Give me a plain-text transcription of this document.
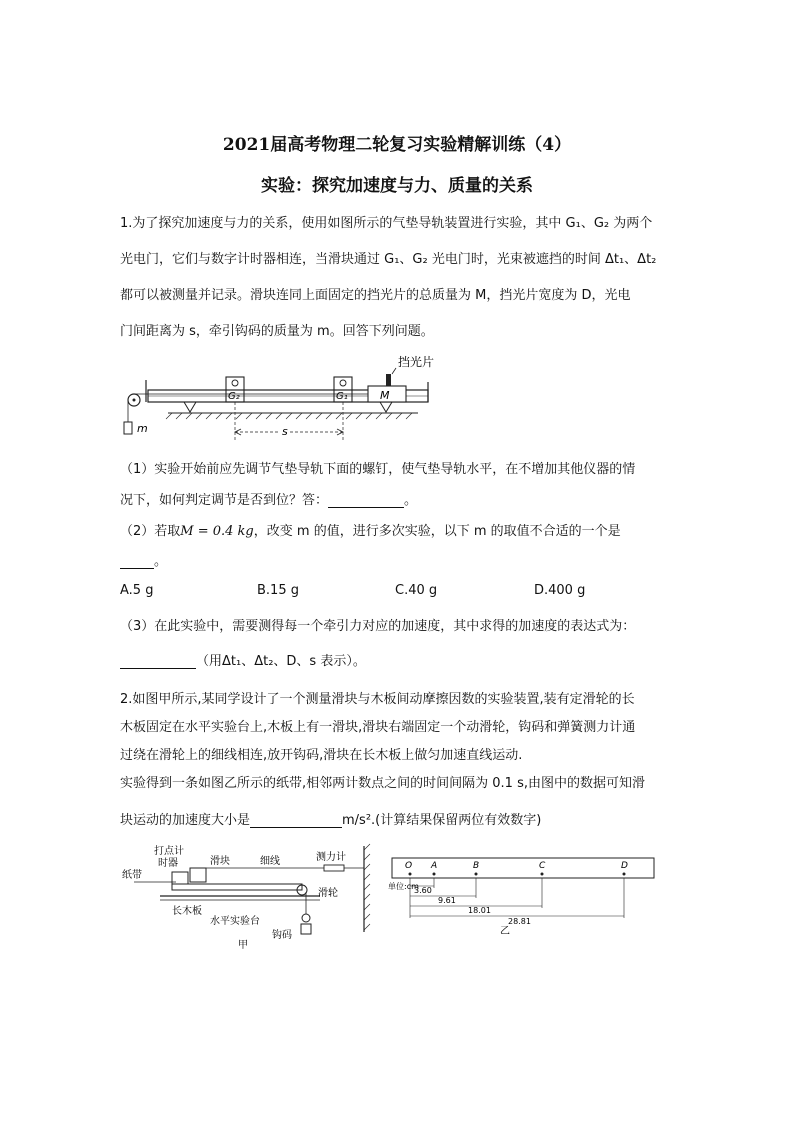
2021届高考物理二轮复习实验精解训练（4）
实验：探究加速度与力、质量的关系
1.为了探究加速度与力的关系，使用如图所示的气垫导轨装置进行实验，其中 G₁、G₂ 为两个
光电门，它们与数字计时器相连，当滑块通过 G₁、G₂ 光电门时，光束被遮挡的时间 Δt₁、Δt₂
都可以被测量并记录。滑块连同上面固定的挡光片的总质量为 M，挡光片宽度为 D，光电
门间距离为 s，牵引钩码的质量为 m。回答下列问题。
m
G₂	G₁	M
挡光片
s
（1）实验开始前应先调节气垫导轨下面的螺钉，使气垫导轨水平，在不增加其他仪器的情
况下，如何判定调节是否到位？答：	。
（2）若取M = 0.4 kg，改变 m 的值，进行多次实验，以下 m 的取值不合适的一个是
。
A.5 g	B.15 g	C.40 g	D.400 g
（3）在此实验中，需要测得每一个牵引力对应的加速度，其中求得的加速度的表达式为：
（用Δt₁、Δt₂、D、s 表示）。
2.如图甲所示,某同学设计了一个测量滑块与木板间动摩擦因数的实验装置,装有定滑轮的长
木板固定在水平实验台上,木板上有一滑块,滑块右端固定一个动滑轮，钩码和弹簧测力计通
过绕在滑轮上的细线相连,放开钩码,滑块在长木板上做匀加速直线运动.
实验得到一条如图乙所示的纸带,相邻两计数点之间的时间间隔为 0.1 s,由图中的数据可知滑
块运动的加速度大小是	m/s².(计算结果保留两位有效数字)
打点计
时器	滑块	细线	测力计
纸带
滑轮
长木板
水平实验台
钩码
甲
O A	B	C	D
单位:cm
3.60
9.61
18.01
28.81
乙
